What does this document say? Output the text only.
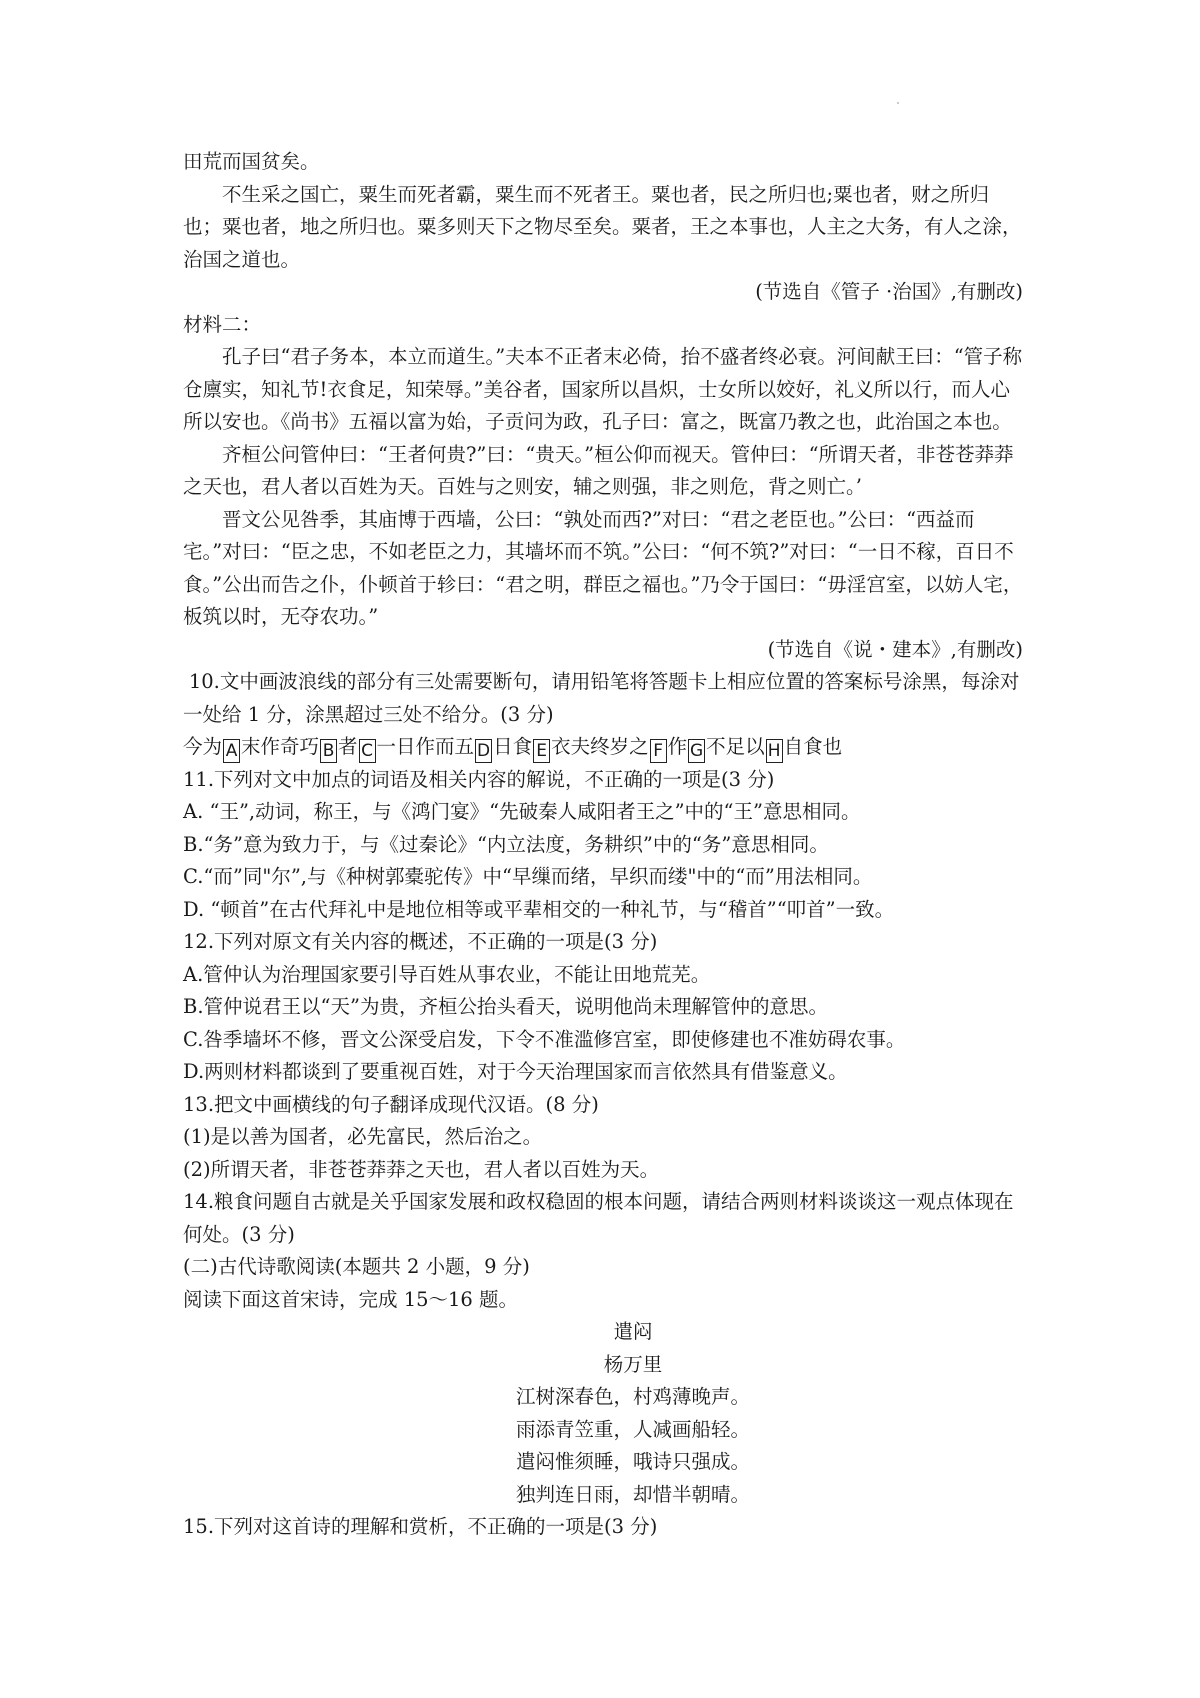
田荒而国贫矣。

不生采之国亡，粟生而死者霸，粟生而不死者王。粟也者，民之所归也;粟也者，财之所归也；粟也者，地之所归也。粟多则天下之物尽至矣。粟者，王之本事也，人主之大务，有人之涂， 治国之道也。

(节选自《管子 ·治国》,有删改)

材料二：

孔子曰“君子务本，本立而道生。”夫本不正者末必倚，抬不盛者终必衰。河间献王曰：“管子称仓廪实，知礼节!衣食足，知荣辱。”美谷者，国家所以昌炽，士女所以姣好，礼义所以行，而人心所以安也。《尚书》五福以富为始，子贡问为政，孔子曰：富之，既富乃教之也，此治国之本也。

齐桓公问管仲曰：“王者何贵?”曰：“贵天。”桓公仰而视天。管仲曰：“所谓天者，非苍苍莽莽 之天也，君人者以百姓为天。百姓与之则安，辅之则强，非之则危，背之则亡。’

晋文公见咎季，其庙博于西墙，公曰：“孰处而西?”对曰：“君之老臣也。”公曰：“西益而宅。”对曰：“臣之忠，不如老臣之力，其墙坏而不筑。”公曰：“何不筑?”对曰：“一日不稼，百日不食。”公出而告之仆，仆顿首于轸曰：“君之明，群臣之福也。”乃令于国曰：“毋淫宫室，以妨人宅，板筑以时，无夺农功。”

(节选自《说・建本》,有删改)

10.文中画波浪线的部分有三处需要断句，请用铅笔将答题卡上相应位置的答案标号涂黑，每涂对一处给 1 分，涂黑超过三处不给分。(3 分)

今为 A 末作奇巧 B 者 C 一日作而五 D 日食 E 衣夫终岁之 F 作 G 不足以 H 自食也

11.下列对文中加点的词语及相关内容的解说，不正确的一项是(3 分)

A. “王”,动词，称王，与《鸿门宴》“先破秦人咸阳者王之”中的“王”意思相同。

B.“务”意为致力于，与《过秦论》“内立法度，务耕织”中的“务”意思相同。

C.“而”同"尔”,与《种树郭橐驼传》中“早缫而绪，早织而缕"中的“而”用法相同。

D. “顿首”在古代拜礼中是地位相等或平辈相交的一种礼节，与“稽首”“叩首”一致。

12.下列对原文有关内容的概述，不正确的一项是(3 分)

A.管仲认为治理国家要引导百姓从事农业，不能让田地荒芜。

B.管仲说君王以“天”为贵，齐桓公抬头看天，说明他尚未理解管仲的意思。

C.咎季墙坏不修，晋文公深受启发，下令不准滥修宫室，即使修建也不准妨碍农事。

D.两则材料都谈到了要重视百姓，对于今天治理国家而言依然具有借鉴意义。

13.把文中画横线的句子翻译成现代汉语。(8 分)

(1)是以善为国者，必先富民，然后治之。

(2)所谓天者，非苍苍莽莽之天也，君人者以百姓为天。

14.粮食问题自古就是关乎国家发展和政权稳固的根本问题，请结合两则材料谈谈这一观点体现在何处。(3 分)

(二)古代诗歌阅读(本题共 2 小题，9 分)

阅读下面这首宋诗，完成 15～16 题。

遣闷

杨万里

江树深春色，村鸡薄晚声。

雨添青笠重，人减画船轻。

遣闷惟须睡，哦诗只强成。

独判连日雨，却惜半朝晴。

15.下列对这首诗的理解和赏析，不正确的一项是(3 分)
